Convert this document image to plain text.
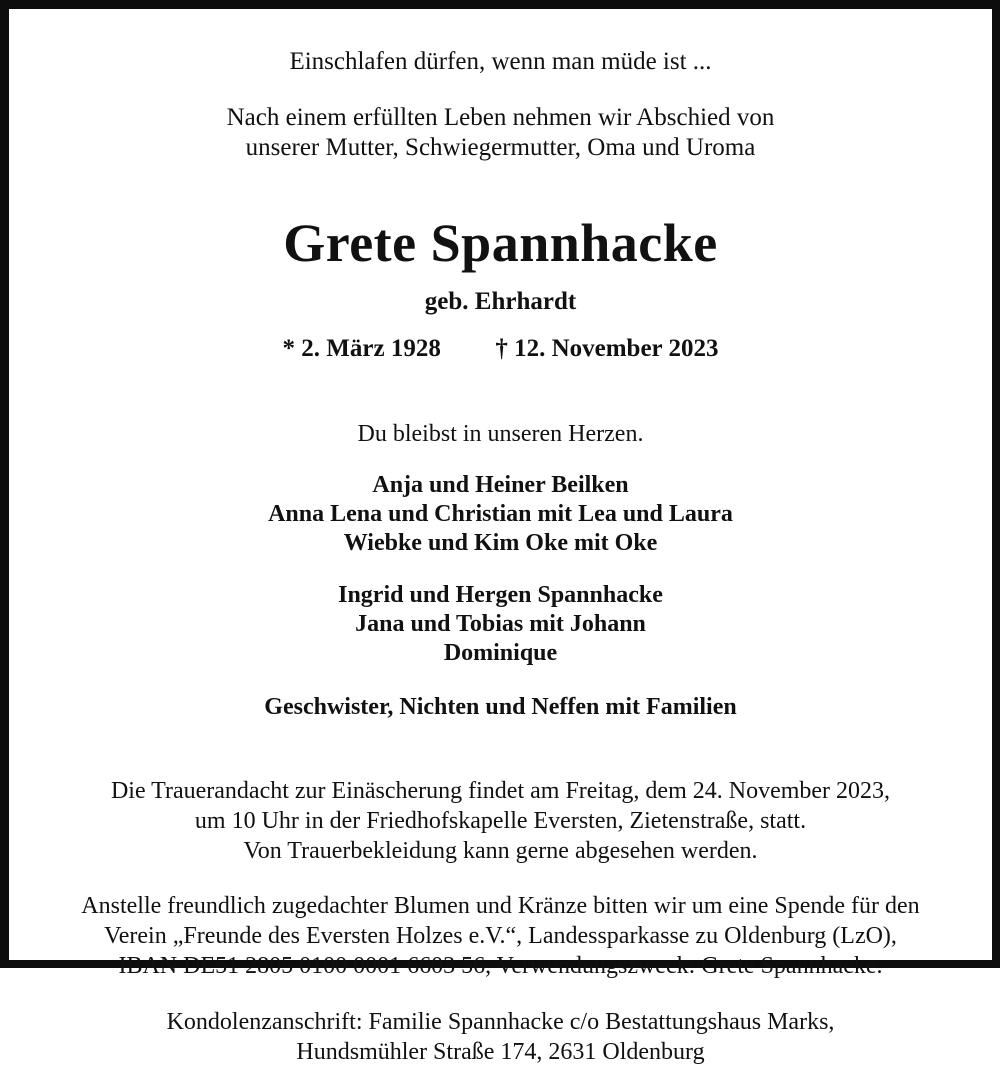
Einschlafen dürfen, wenn man müde ist ...
Nach einem erfüllten Leben nehmen wir Abschied von
unserer Mutter, Schwiegermutter, Oma und Uroma
Grete Spannhacke
geb. Ehrhardt
* 2. März 1928 † 12. November 2023
Du bleibst in unseren Herzen.
Anja und Heiner Beilken
Anna Lena und Christian mit Lea und Laura
Wiebke und Kim Oke mit Oke
Ingrid und Hergen Spannhacke
Jana und Tobias mit Johann
Dominique
Geschwister, Nichten und Neffen mit Familien
Die Trauerandacht zur Einäscherung findet am Freitag, dem 24. November 2023,
um 10 Uhr in der Friedhofskapelle Eversten, Zietenstraße, statt.
Von Trauerbekleidung kann gerne abgesehen werden.
Anstelle freundlich zugedachter Blumen und Kränze bitten wir um eine Spende für den
Verein „Freunde des Eversten Holzes e.V.“, Landessparkasse zu Oldenburg (LzO),
IBAN DE51 2805 0100 0001 6603 56, Verwendungszweck: Grete Spannhacke.
Kondolenzanschrift: Familie Spannhacke c/o Bestattungshaus Marks,
Hundsmühler Straße 174, 2631 Oldenburg
